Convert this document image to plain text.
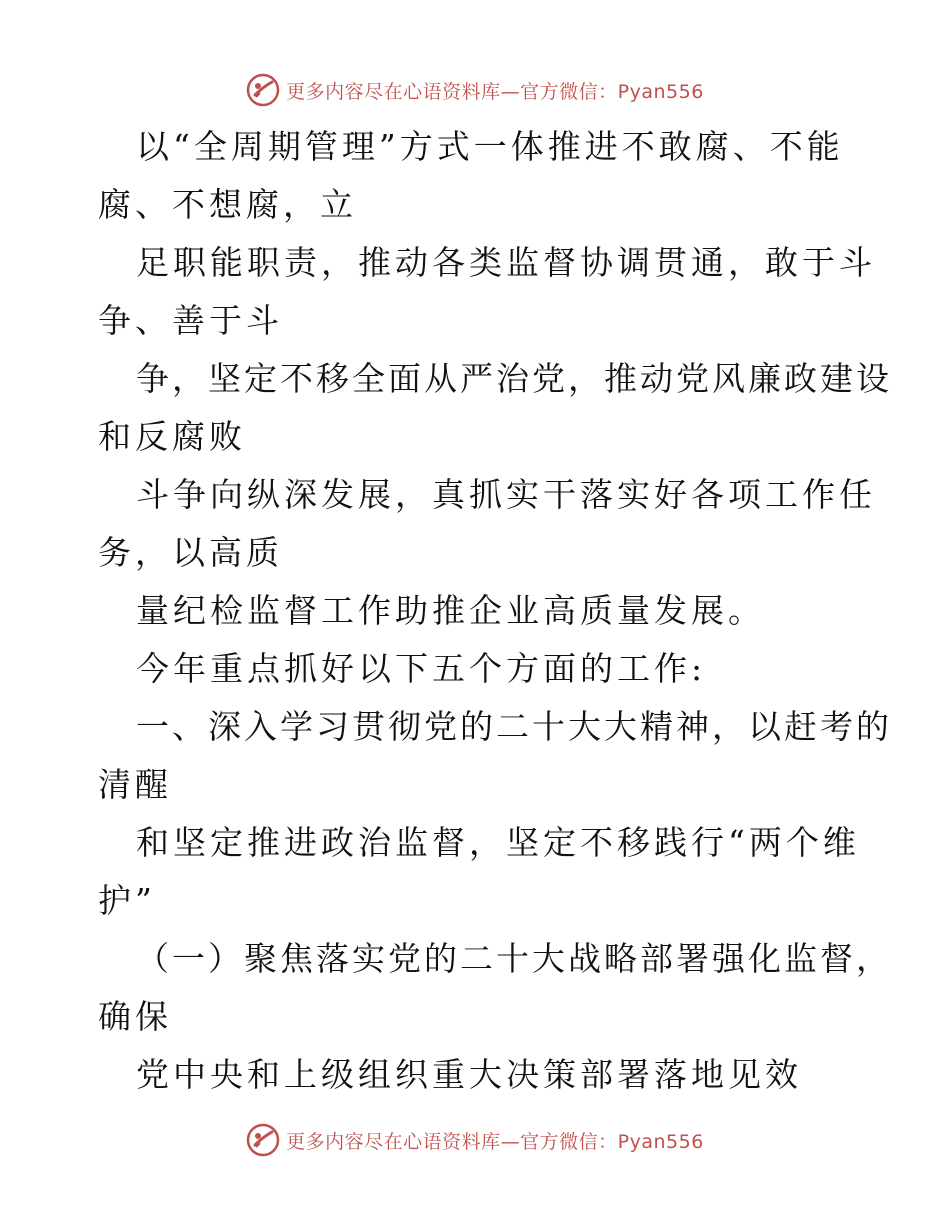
更多内容尽在心语资料库—官方微信：Pyan556

以“全周期管理”方式一体推进不敢腐、不能

腐、不想腐，立

足职能职责，推动各类监督协调贯通，敢于斗

争、善于斗

争，坚定不移全面从严治党，推动党风廉政建设

和反腐败

斗争向纵深发展，真抓实干落实好各项工作任

务，以高质

量纪检监督工作助推企业高质量发展。

今年重点抓好以下五个方面的工作:

一、深入学习贯彻党的二十大大精神，以赶考的

清醒

和坚定推进政治监督，坚定不移践行“两个维

护”

（一）聚焦落实党的二十大战略部署强化监督，

确保

党中央和上级组织重大决策部署落地见效

更多内容尽在心语资料库—官方微信：Pyan556
